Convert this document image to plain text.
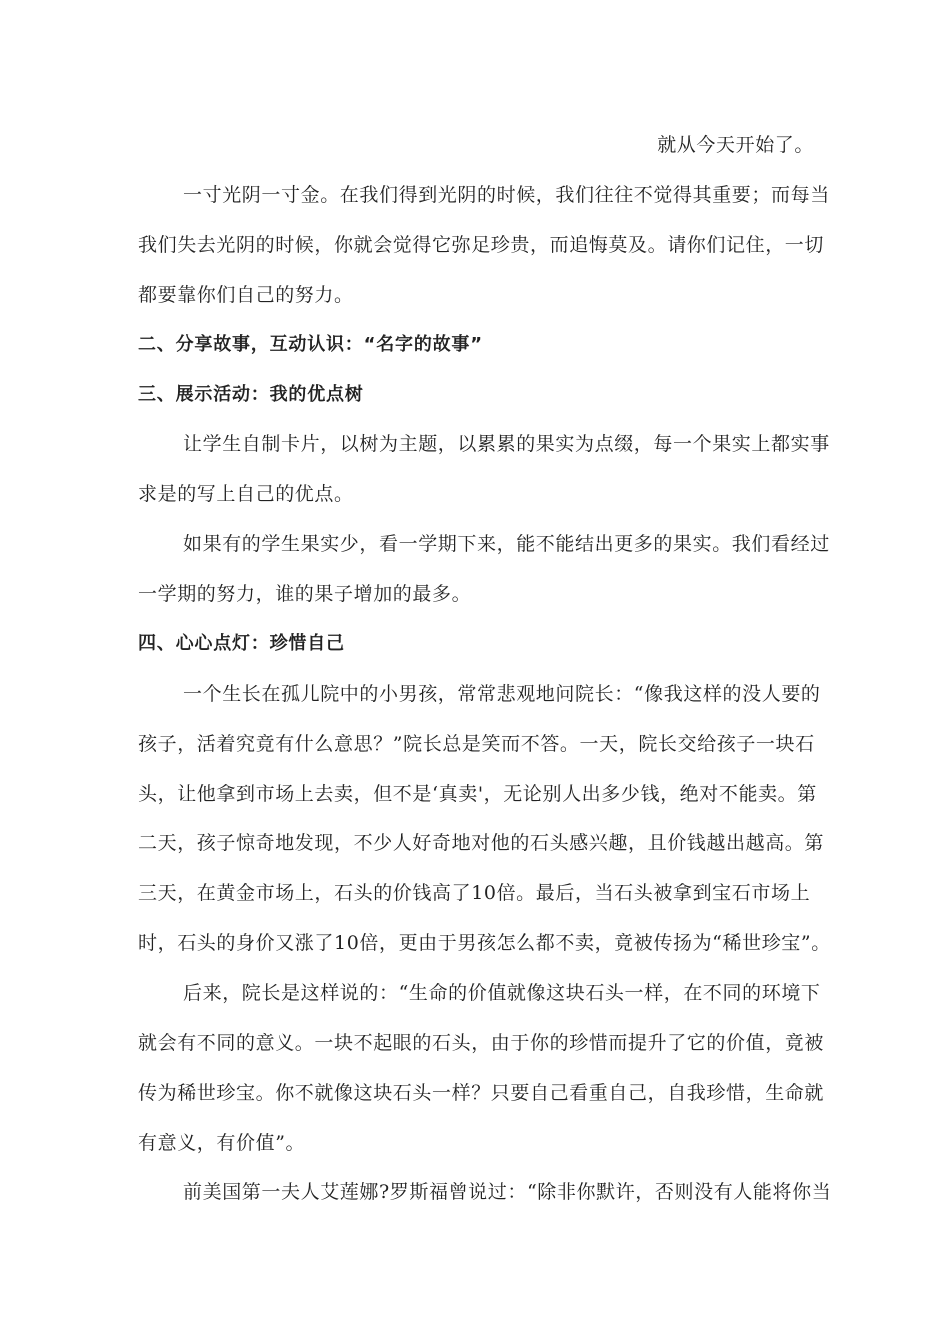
就从今天开始了。
一寸光阴一寸金。在我们得到光阴的时候，我们往往不觉得其重要；而每当
我们失去光阴的时候，你就会觉得它弥足珍贵，而追悔莫及。请你们记住，一切
都要靠你们自己的努力。
二、分享故事，互动认识：“名字的故事”
三、展示活动：我的优点树
让学生自制卡片，以树为主题，以累累的果实为点缀，每一个果实上都实事
求是的写上自己的优点。
如果有的学生果实少，看一学期下来，能不能结出更多的果实。我们看经过
一学期的努力，谁的果子增加的最多。
四、心心点灯：珍惜自己
一个生长在孤儿院中的小男孩，常常悲观地问院长：“像我这样的没人要的
孩子，活着究竟有什么意思？”院长总是笑而不答。一天，院长交给孩子一块石
头，让他拿到市场上去卖，但不是‘真卖'，无论别人出多少钱，绝对不能卖。第
二天，孩子惊奇地发现，不少人好奇地对他的石头感兴趣，且价钱越出越高。第
三天，在黄金市场上，石头的价钱高了10倍。最后，当石头被拿到宝石市场上
时，石头的身价又涨了10倍，更由于男孩怎么都不卖，竟被传扬为“稀世珍宝”。
后来，院长是这样说的：“生命的价值就像这块石头一样，在不同的环境下
就会有不同的意义。一块不起眼的石头，由于你的珍惜而提升了它的价值，竟被
传为稀世珍宝。你不就像这块石头一样？只要自己看重自己，自我珍惜，生命就
有意义，有价值”。
前美国第一夫人艾莲娜?罗斯福曾说过：“除非你默许，否则没有人能将你当
